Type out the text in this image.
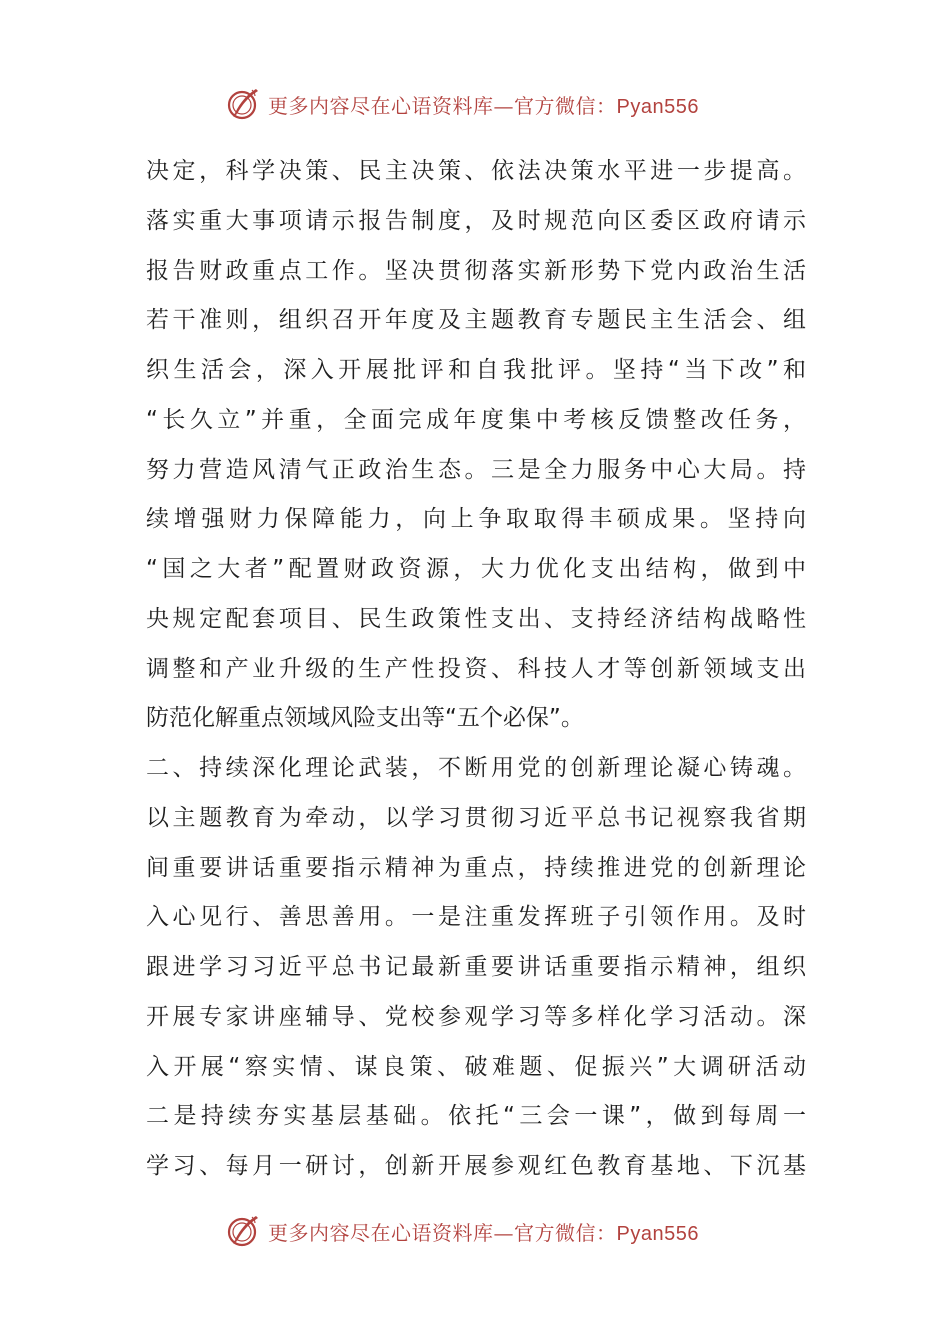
更多内容尽在心语资料库—官方微信：Pyan556
决定，科学决策、民主决策、依法决策水平进一步提高。
落实重大事项请示报告制度，及时规范向区委区政府请示
报告财政重点工作。坚决贯彻落实新形势下党内政治生活
若干准则，组织召开年度及主题教育专题民主生活会、组
织生活会，深入开展批评和自我批评。坚持“当下改”和
“长久立”并重，全面完成年度集中考核反馈整改任务，
努力营造风清气正政治生态。三是全力服务中心大局。持
续增强财力保障能力，向上争取取得丰硕成果。坚持向
“国之大者”配置财政资源，大力优化支出结构，做到中
央规定配套项目、民生政策性支出、支持经济结构战略性
调整和产业升级的生产性投资、科技人才等创新领域支出
防范化解重点领域风险支出等“五个必保”。
二、持续深化理论武装，不断用党的创新理论凝心铸魂。
以主题教育为牵动，以学习贯彻习近平总书记视察我省期
间重要讲话重要指示精神为重点，持续推进党的创新理论
入心见行、善思善用。一是注重发挥班子引领作用。及时
跟进学习习近平总书记最新重要讲话重要指示精神，组织
开展专家讲座辅导、党校参观学习等多样化学习活动。深
入开展“察实情、谋良策、破难题、促振兴”大调研活动
二是持续夯实基层基础。依托“三会一课”，做到每周一
学习、每月一研讨，创新开展参观红色教育基地、下沉基
更多内容尽在心语资料库—官方微信：Pyan556
